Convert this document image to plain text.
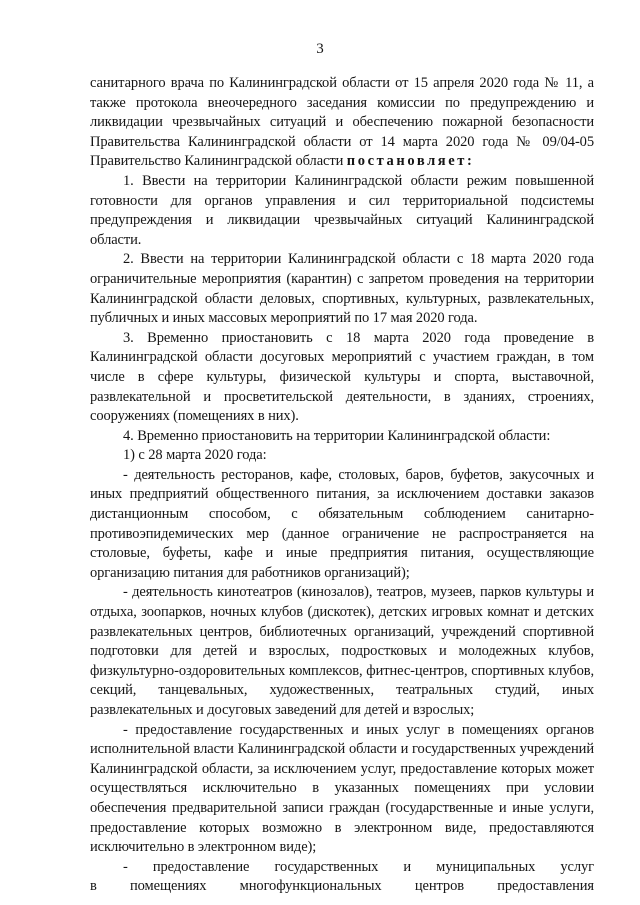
3

санитарного врача по Калининградской области от 15 апреля 2020 года № 11, а также протокола внеочередного заседания комиссии по предупреждению и ликвидации чрезвычайных ситуаций и обеспечению пожарной безопасности Правительства Калининградской области от 14 марта 2020 года № 09/04-05 Правительство Калининградской области постановляет:

1. Ввести на территории Калининградской области режим повышенной готовности для органов управления и сил территориальной подсистемы предупреждения и ликвидации чрезвычайных ситуаций Калининградской области.

2. Ввести на территории Калининградской области с 18 марта 2020 года ограничительные мероприятия (карантин) с запретом проведения на территории Калининградской области деловых, спортивных, культурных, развлекательных, публичных и иных массовых мероприятий по 17 мая 2020 года.

3. Временно приостановить с 18 марта 2020 года проведение в Калининградской области досуговых мероприятий с участием граждан, в том числе в сфере культуры, физической культуры и спорта, выставочной, развлекательной и просветительской деятельности, в зданиях, строениях, сооружениях (помещениях в них).

4. Временно приостановить на территории Калининградской области:

1) с 28 марта 2020 года:

- деятельность ресторанов, кафе, столовых, баров, буфетов, закусочных и иных предприятий общественного питания, за исключением доставки заказов дистанционным способом, с обязательным соблюдением санитарно-противоэпидемических мер (данное ограничение не распространяется на столовые, буфеты, кафе и иные предприятия питания, осуществляющие организацию питания для работников организаций);

- деятельность кинотеатров (кинозалов), театров, музеев, парков культуры и отдыха, зоопарков, ночных клубов (дискотек), детских игровых комнат и детских развлекательных центров, библиотечных организаций, учреждений спортивной подготовки для детей и взрослых, подростковых и молодежных клубов, физкультурно-оздоровительных комплексов, фитнес-центров, спортивных клубов, секций, танцевальных, художественных, театральных студий, иных развлекательных и досуговых заведений для детей и взрослых;

- предоставление государственных и иных услуг в помещениях органов исполнительной власти Калининградской области и государственных учреждений Калининградской области, за исключением услуг, предоставление которых может осуществляться исключительно в указанных помещениях при условии обеспечения предварительной записи граждан (государственные и иные услуги, предоставление которых возможно в электронном виде, предоставляются исключительно в электронном виде);

- предоставление государственных и муниципальных услуг

в помещениях многофункциональных центров предоставления
